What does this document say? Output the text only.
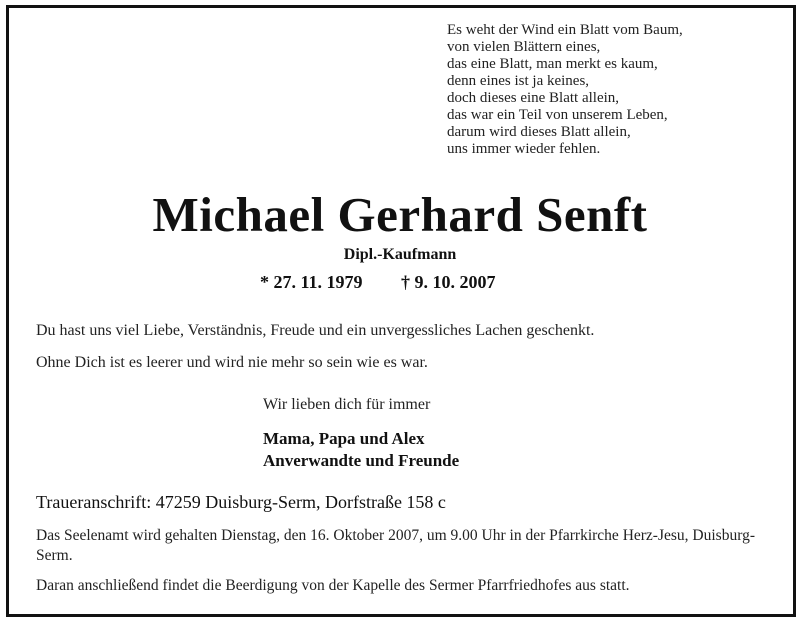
Es weht der Wind ein Blatt vom Baum,
von vielen Blättern eines,
das eine Blatt, man merkt es kaum,
denn eines ist ja keines,
doch dieses eine Blatt allein,
das war ein Teil von unserem Leben,
darum wird dieses Blatt allein,
uns immer wieder fehlen.
Michael Gerhard Senft
Dipl.-Kaufmann
* 27. 11. 1979 † 9. 10. 2007
Du hast uns viel Liebe, Verständnis, Freude und ein unvergessliches Lachen geschenkt.
Ohne Dich ist es leerer und wird nie mehr so sein wie es war.
Wir lieben dich für immer
Mama, Papa und Alex
Anverwandte und Freunde
Traueranschrift: 47259 Duisburg-Serm, Dorfstraße 158 c
Das Seelenamt wird gehalten Dienstag, den 16. Oktober 2007, um 9.00 Uhr in der Pfarrkirche Herz-Jesu, Duisburg-Serm.
Daran anschließend findet die Beerdigung von der Kapelle des Sermer Pfarrfriedhofes aus statt.
